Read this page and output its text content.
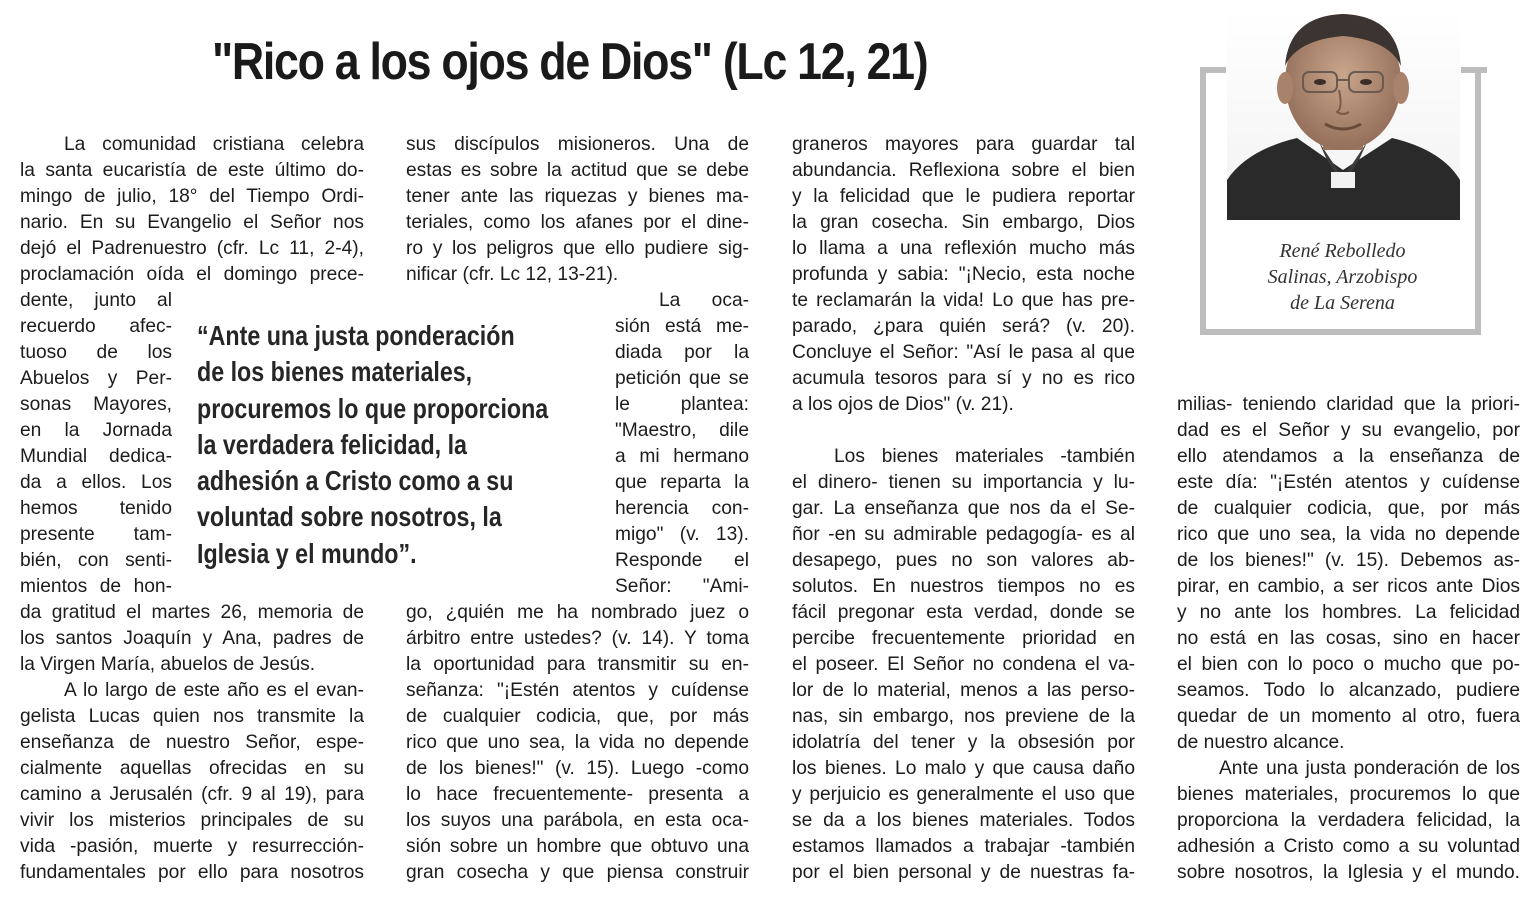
"Rico a los ojos de Dios" (Lc 12, 21)
René Rebolledo
Salinas, Arzobispo
de La Serena
“Ante una justa ponderación
de los bienes materiales,
procuremos lo que proporciona
la verdadera felicidad, la
adhesión a Cristo como a su
voluntad sobre nosotros, la
Iglesia y el mundo”.
La comunidad cristiana celebra
la santa eucaristía de este último do-
mingo de julio, 18° del Tiempo Ordi-
nario. En su Evangelio el Señor nos
dejó el Padrenuestro (cfr. Lc 11, 2-4),
proclamación oída el domingo prece-
dente, junto al
recuerdo afec-
tuoso de los
Abuelos y Per-
sonas Mayores,
en la Jornada
Mundial dedica-
da a ellos. Los
hemos tenido
presente tam-
bién, con senti-
mientos de hon-
da gratitud el martes 26, memoria de
los santos Joaquín y Ana, padres de
la Virgen María, abuelos de Jesús.
A lo largo de este año es el evan-
gelista Lucas quien nos transmite la
enseñanza de nuestro Señor, espe-
cialmente aquellas ofrecidas en su
camino a Jerusalén (cfr. 9 al 19), para
vivir los misterios principales de su
vida -pasión, muerte y resurrección-
fundamentales por ello para nosotros
sus discípulos misioneros. Una de
estas es sobre la actitud que se debe
tener ante las riquezas y bienes ma-
teriales, como los afanes por el dine-
ro y los peligros que ello pudiere sig-
nificar (cfr. Lc 12, 13-21).
La oca-
sión está me-
diada por la
petición que se
le plantea:
"Maestro, dile
a mi hermano
que reparta la
herencia con-
migo" (v. 13).
Responde el
Señor: "Ami-
go, ¿quién me ha nombrado juez o
árbitro entre ustedes? (v. 14). Y toma
la oportunidad para transmitir su en-
señanza: "¡Estén atentos y cuídense
de cualquier codicia, que, por más
rico que uno sea, la vida no depende
de los bienes!" (v. 15). Luego -como
lo hace frecuentemente- presenta a
los suyos una parábola, en esta oca-
sión sobre un hombre que obtuvo una
gran cosecha y que piensa construir
graneros mayores para guardar tal
abundancia. Reflexiona sobre el bien
y la felicidad que le pudiera reportar
la gran cosecha. Sin embargo, Dios
lo llama a una reflexión mucho más
profunda y sabia: "¡Necio, esta noche
te reclamarán la vida! Lo que has pre-
parado, ¿para quién será? (v. 20).
Concluye el Señor: "Así le pasa al que
acumula tesoros para sí y no es rico
a los ojos de Dios" (v. 21).
Los bienes materiales -también
el dinero- tienen su importancia y lu-
gar. La enseñanza que nos da el Se-
ñor -en su admirable pedagogía- es al
desapego, pues no son valores ab-
solutos. En nuestros tiempos no es
fácil pregonar esta verdad, donde se
percibe frecuentemente prioridad en
el poseer. El Señor no condena el va-
lor de lo material, menos a las perso-
nas, sin embargo, nos previene de la
idolatría del tener y la obsesión por
los bienes. Lo malo y que causa daño
y perjuicio es generalmente el uso que
se da a los bienes materiales. Todos
estamos llamados a trabajar -también
por el bien personal y de nuestras fa-
milias- teniendo claridad que la priori-
dad es el Señor y su evangelio, por
ello atendamos a la enseñanza de
este día: "¡Estén atentos y cuídense
de cualquier codicia, que, por más
rico que uno sea, la vida no depende
de los bienes!" (v. 15). Debemos as-
pirar, en cambio, a ser ricos ante Dios
y no ante los hombres. La felicidad
no está en las cosas, sino en hacer
el bien con lo poco o mucho que po-
seamos. Todo lo alcanzado, pudiere
quedar de un momento al otro, fuera
de nuestro alcance.
Ante una justa ponderación de los
bienes materiales, procuremos lo que
proporciona la verdadera felicidad, la
adhesión a Cristo como a su voluntad
sobre nosotros, la Iglesia y el mundo.
